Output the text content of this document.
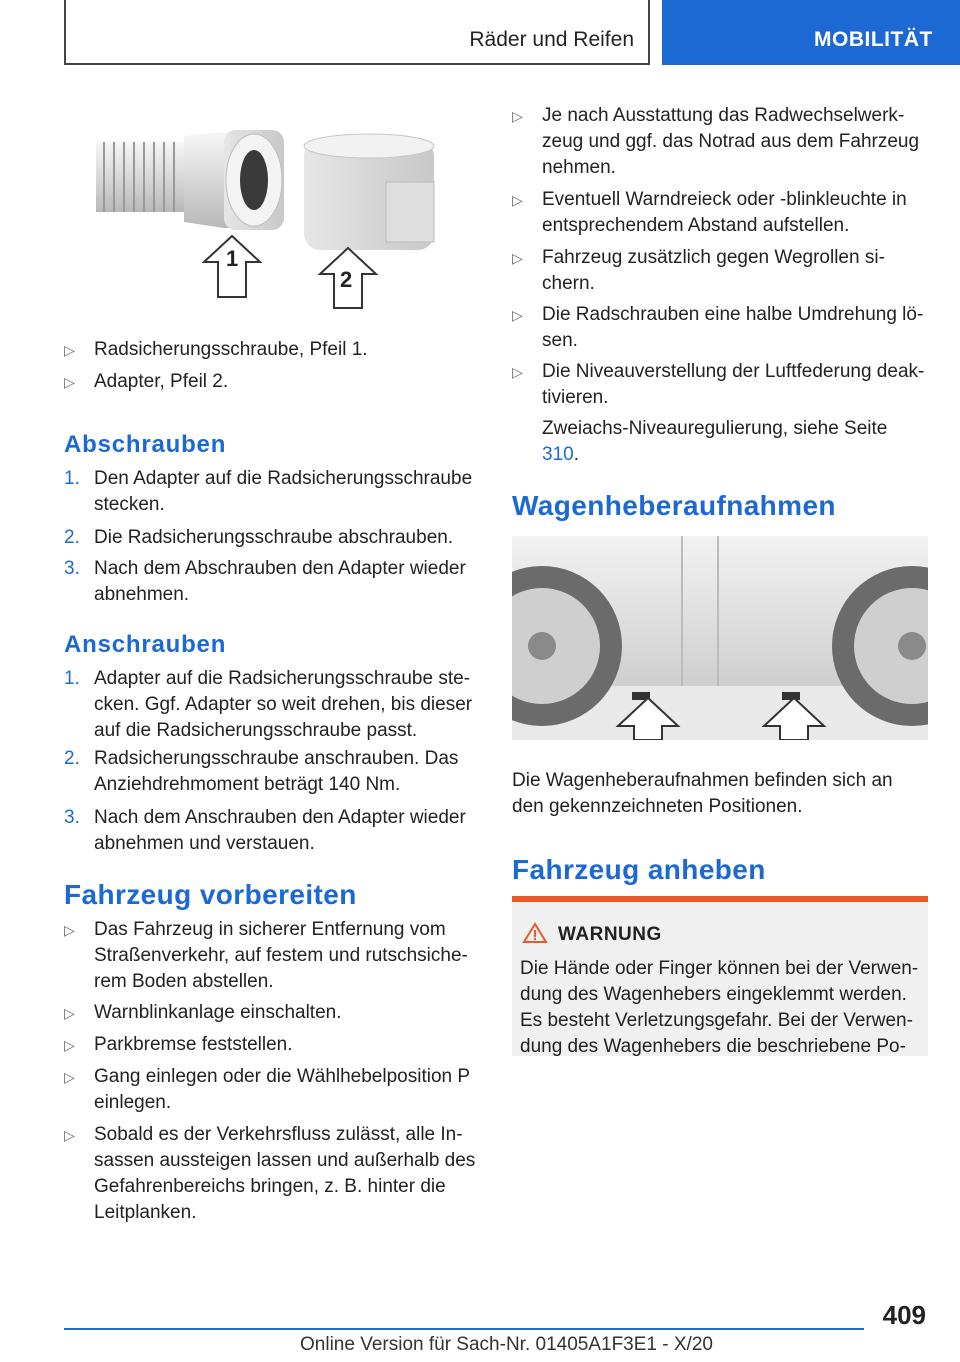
Räder und Reifen	MOBILITÄT
1
2
▷ Radsicherungsschraube, Pfeil 1.
▷ Adapter, Pfeil 2.
Abschrauben
1. Den Adapter auf die Radsicherungsschraube stecken.
2. Die Radsicherungsschraube abschrauben.
3. Nach dem Abschrauben den Adapter wieder abnehmen.
Anschrauben
1. Adapter auf die Radsicherungsschraube stecken. Ggf. Adapter so weit drehen, bis dieser auf die Radsicherungsschraube passt.
2. Radsicherungsschraube anschrauben. Das Anziehdrehmoment beträgt 140 Nm.
3. Nach dem Anschrauben den Adapter wieder abnehmen und verstauen.
Fahrzeug vorbereiten
▷ Das Fahrzeug in sicherer Entfernung vom Straßenverkehr, auf festem und rutschsicherem Boden abstellen.
▷ Warnblinkanlage einschalten.
▷ Parkbremse feststellen.
▷ Gang einlegen oder die Wählhebelposition P einlegen.
▷ Sobald es der Verkehrsfluss zulässt, alle Insassen aussteigen lassen und außerhalb des Gefahrenbereichs bringen, z. B. hinter die Leitplanken.
▷ Je nach Ausstattung das Radwechselwerkzeug und ggf. das Notrad aus dem Fahrzeug nehmen.
▷ Eventuell Warndreieck oder -blinkleuchte in entsprechendem Abstand aufstellen.
▷ Fahrzeug zusätzlich gegen Wegrollen sichern.
▷ Die Radschrauben eine halbe Umdrehung lösen.
▷ Die Niveauverstellung der Luftfederung deaktivieren.
Zweiachs-Niveauregulierung, siehe Seite 310.
Wagenheberaufnahmen
Die Wagenheberaufnahmen befinden sich an den gekennzeichneten Positionen.
Fahrzeug anheben
WARNUNG
Die Hände oder Finger können bei der Verwendung des Wagenhebers eingeklemmt werden. Es besteht Verletzungsgefahr. Bei der Verwendung des Wagenhebers die beschriebene Po-
409
Online Version für Sach-Nr. 01405A1F3E1 - X/20
